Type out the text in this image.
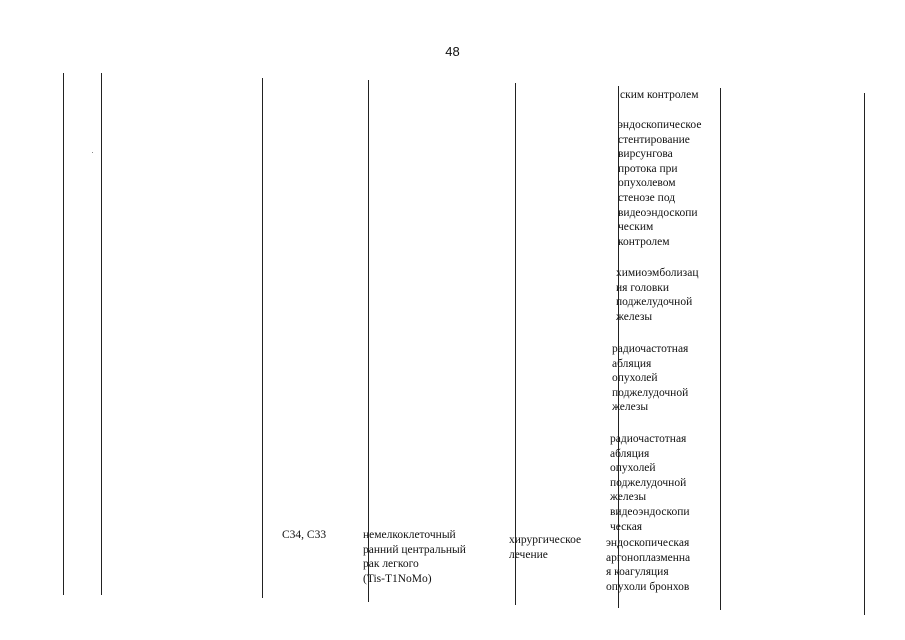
48
C34, C33	немелкоклеточный
ранний центральный
рак легкого
(Tis-T1NoMo)
хирургическое
лечение
ским контролем
эндоскопическое
стентирование
вирсунгова
протока при
опухолевом
стенозе под
видеоэндоскопи
ческим
контролем
химиоэмболизац
ия головки
поджелудочной
железы
радиочастотная
абляция
опухолей
поджелудочной
железы
радиочастотная
абляция
опухолей
поджелудочной
железы
видеоэндоскопи
ческая
эндоскопическая
аргоноплазменна
я коагуляция
опухоли бронхов
